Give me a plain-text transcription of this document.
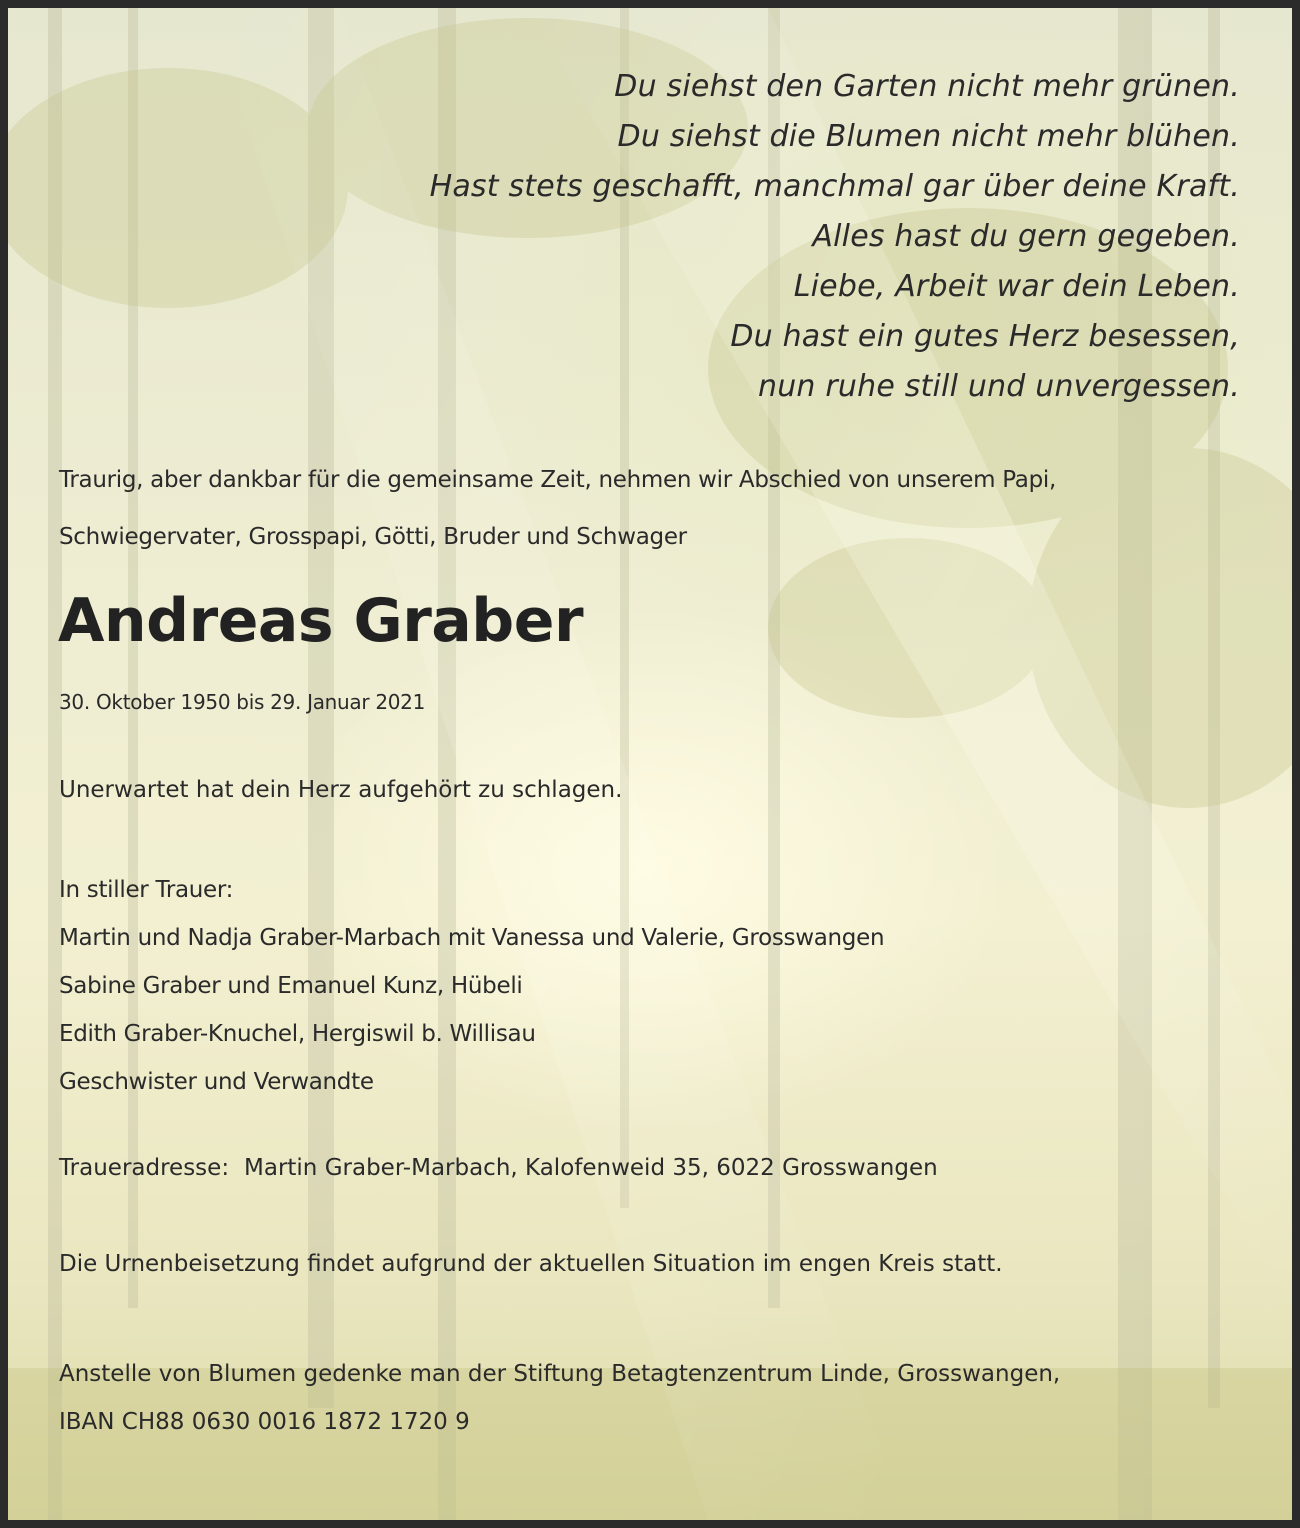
Du siehst den Garten nicht mehr grünen.
Du siehst die Blumen nicht mehr blühen.
Hast stets geschafft, manchmal gar über deine Kraft.
Alles hast du gern gegeben.
Liebe, Arbeit war dein Leben.
Du hast ein gutes Herz besessen,
nun ruhe still und unvergessen.
Traurig, aber dankbar für die gemeinsame Zeit, nehmen wir Abschied von unserem Papi,
Schwiegervater, Grosspapi, Götti, Bruder und Schwager
Andreas Graber
30. Oktober 1950 bis 29. Januar 2021
Unerwartet hat dein Herz aufgehört zu schlagen.
In stiller Trauer:
Martin und Nadja Graber-Marbach mit Vanessa und Valerie, Grosswangen
Sabine Graber und Emanuel Kunz, Hübeli
Edith Graber-Knuchel, Hergiswil b. Willisau
Geschwister und Verwandte
Traueradresse: Martin Graber-Marbach, Kalofenweid 35, 6022 Grosswangen
Die Urnenbeisetzung findet aufgrund der aktuellen Situation im engen Kreis statt.
Anstelle von Blumen gedenke man der Stiftung Betagtenzentrum Linde, Grosswangen,
IBAN CH88 0630 0016 1872 1720 9
